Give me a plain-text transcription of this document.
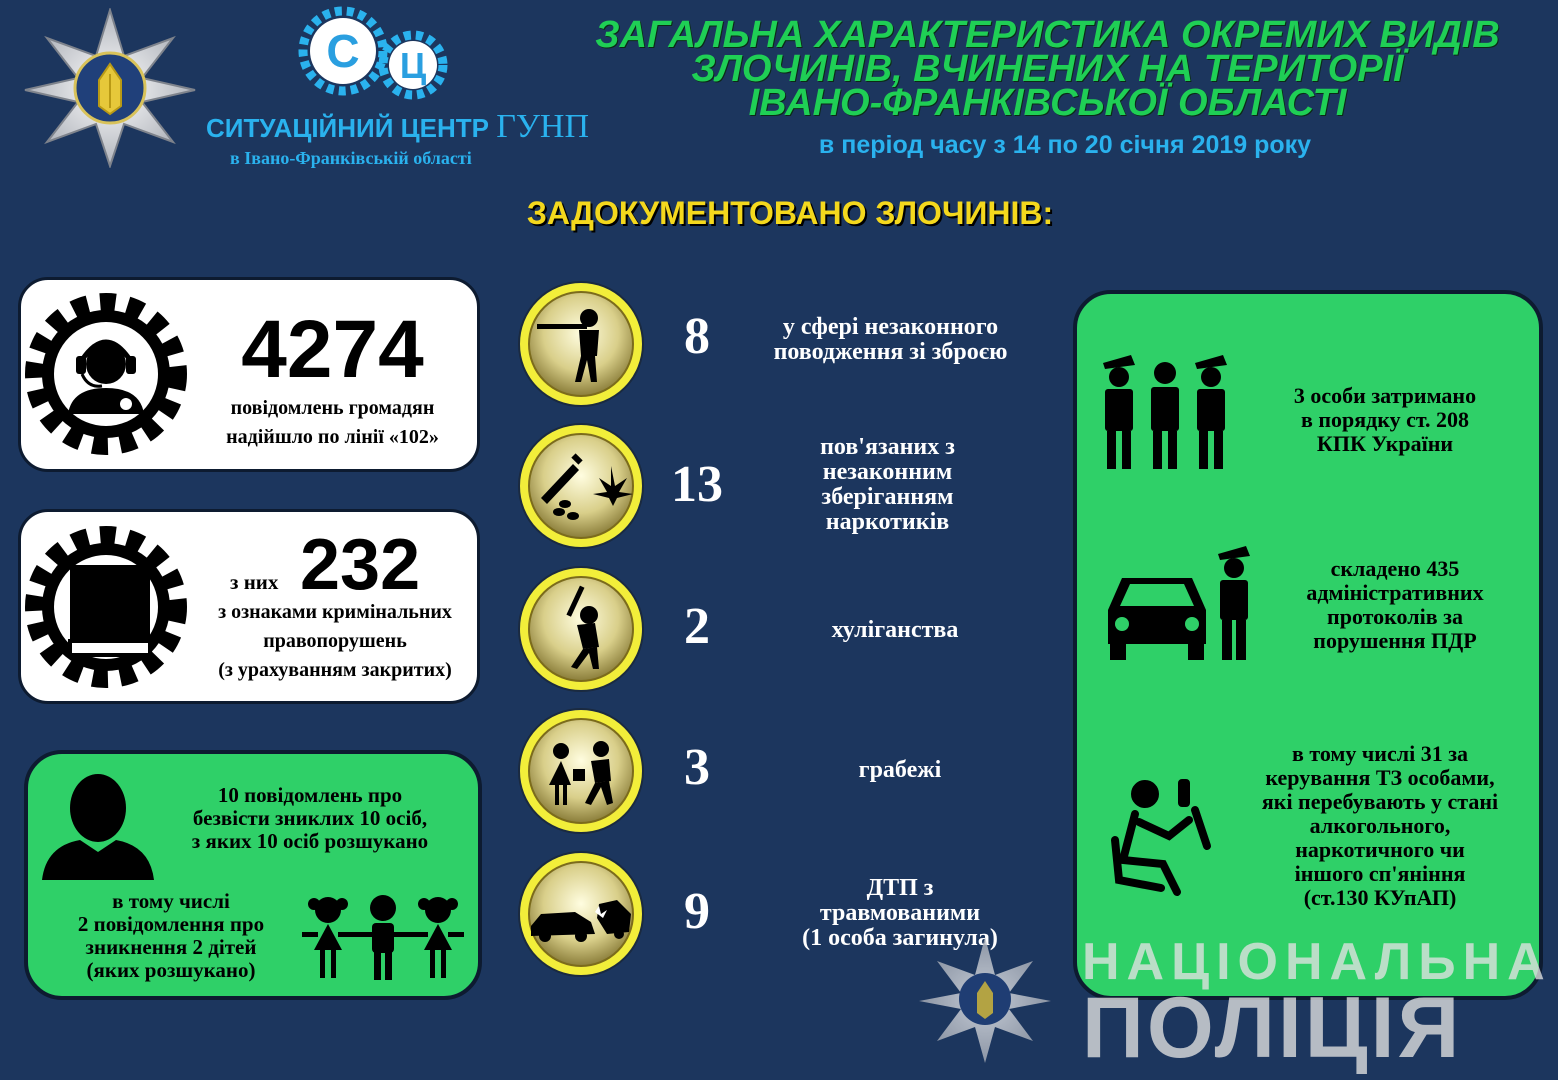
С Ц
СИТУАЦІЙНИЙ ЦЕНТР ГУНП
в Івано-Франківській області
ЗАГАЛЬНА ХАРАКТЕРИСТИКА ОКРЕМИХ ВИДІВ
ЗЛОЧИНІВ, ВЧИНЕНИХ НА ТЕРИТОРІЇ
ІВАНО-ФРАНКІВСЬКОЇ ОБЛАСТІ
в період часу з 14 по 20 січня 2019 року
ЗАДОКУМЕНТОВАНО ЗЛОЧИНІВ:
4274
повідомлень громадян
надійшло по лінії «102»
з них 232
з ознаками кримінальних
правопорушень
(з урахуванням закритих)
10 повідомлень про
безвісти зниклих 10 осіб,
з яких 10 осіб розшукано
в тому числі
2 повідомлення про
зникнення 2 дітей
(яких розшукано)
8
13
2
3
9
у сфері незаконного
поводження зі зброєю
пов'язаних з
незаконним
зберіганням
наркотиків
хуліганства
грабежі
ДТП з
травмованими
(1 особа загинула)
3 особи затримано
в порядку ст. 208
КПК України
складено 435
адміністративних
протоколів за
порушення ПДР
в тому числі 31 за
керування ТЗ особами,
які перебувають у стані
алкогольного,
наркотичного чи
іншого сп'яніння
(ст.130 КУпАП)
НАЦІОНАЛЬНА
ПОЛІЦІЯ
